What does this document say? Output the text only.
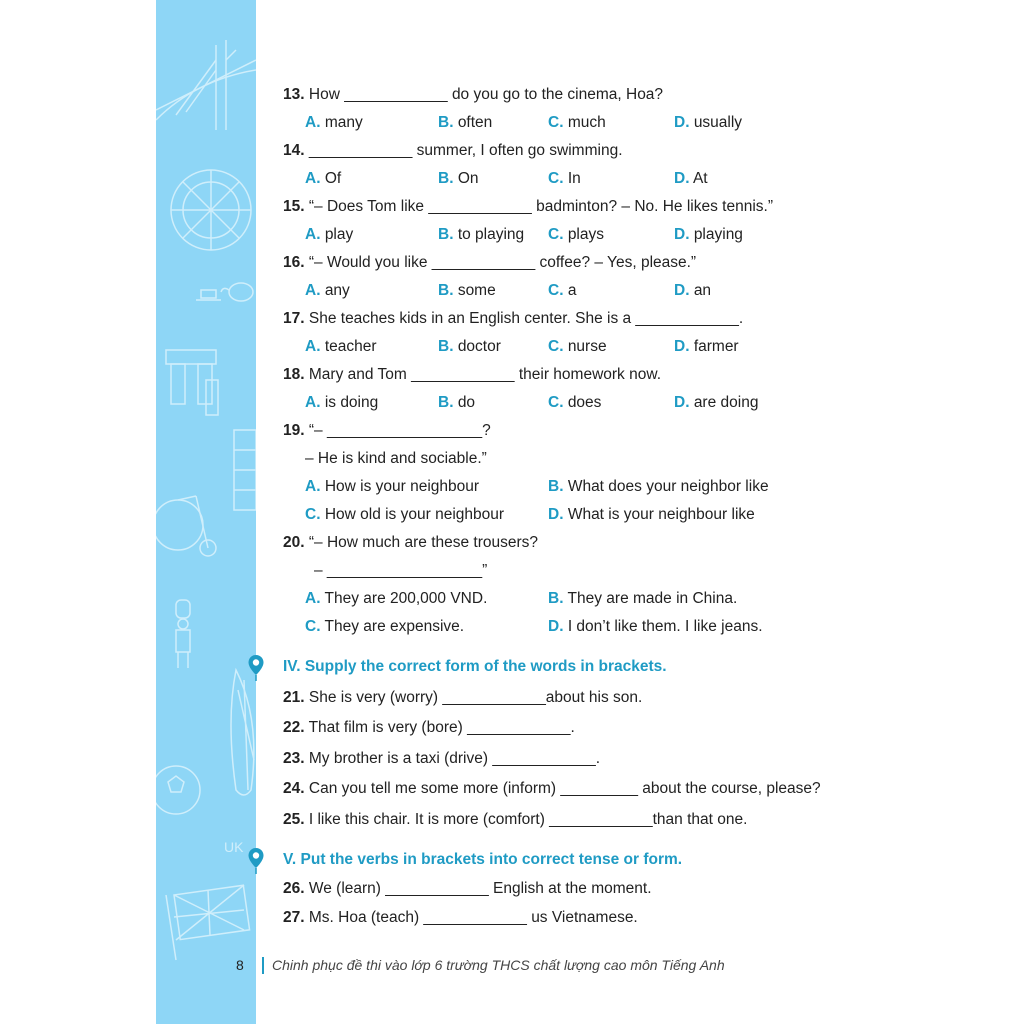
UK
13. How ____________ do you go to the cinema, Hoa?
A. many	B. often	C. much	D. usually
14. ____________ summer, I often go swimming.
A. Of	B. On	C. In	D. At
15. “– Does Tom like ____________ badminton? – No. He likes tennis.”
A. play	B. to playing C. plays	D. playing
16. “– Would you like ____________ coffee? – Yes, please.”
A. any	B. some	C. a	D. an
17. She teaches kids in an English center. She is a ____________.
A. teacher	B. doctor	C. nurse	D. farmer
18. Mary and Tom ____________ their homework now.
A. is doing	B. do	C. does	D. are doing
19. “– __________________?
– He is kind and sociable.”
A. How is your neighbour	B. What does your neighbor like
C. How old is your neighbour	D. What is your neighbour like
20. “– How much are these trousers?
– __________________”
A. They are 200,000 VND.	B. They are made in China.
C. They are expensive.	D. I don’t like them. I like jeans.
IV. Supply the correct form of the words in brackets.
21. She is very (worry) ____________about his son.
22. That film is very (bore) ____________.
23. My brother is a taxi (drive) ____________.
24. Can you tell me some more (inform) _________ about the course, please?
25. I like this chair. It is more (comfort) ____________than that one.
V. Put the verbs in brackets into correct tense or form.
26. We (learn) ____________ English at the moment.
27. Ms. Hoa (teach) ____________ us Vietnamese.
8 Chinh phục đề thi vào lớp 6 trường THCS chất lượng cao môn Tiếng Anh
